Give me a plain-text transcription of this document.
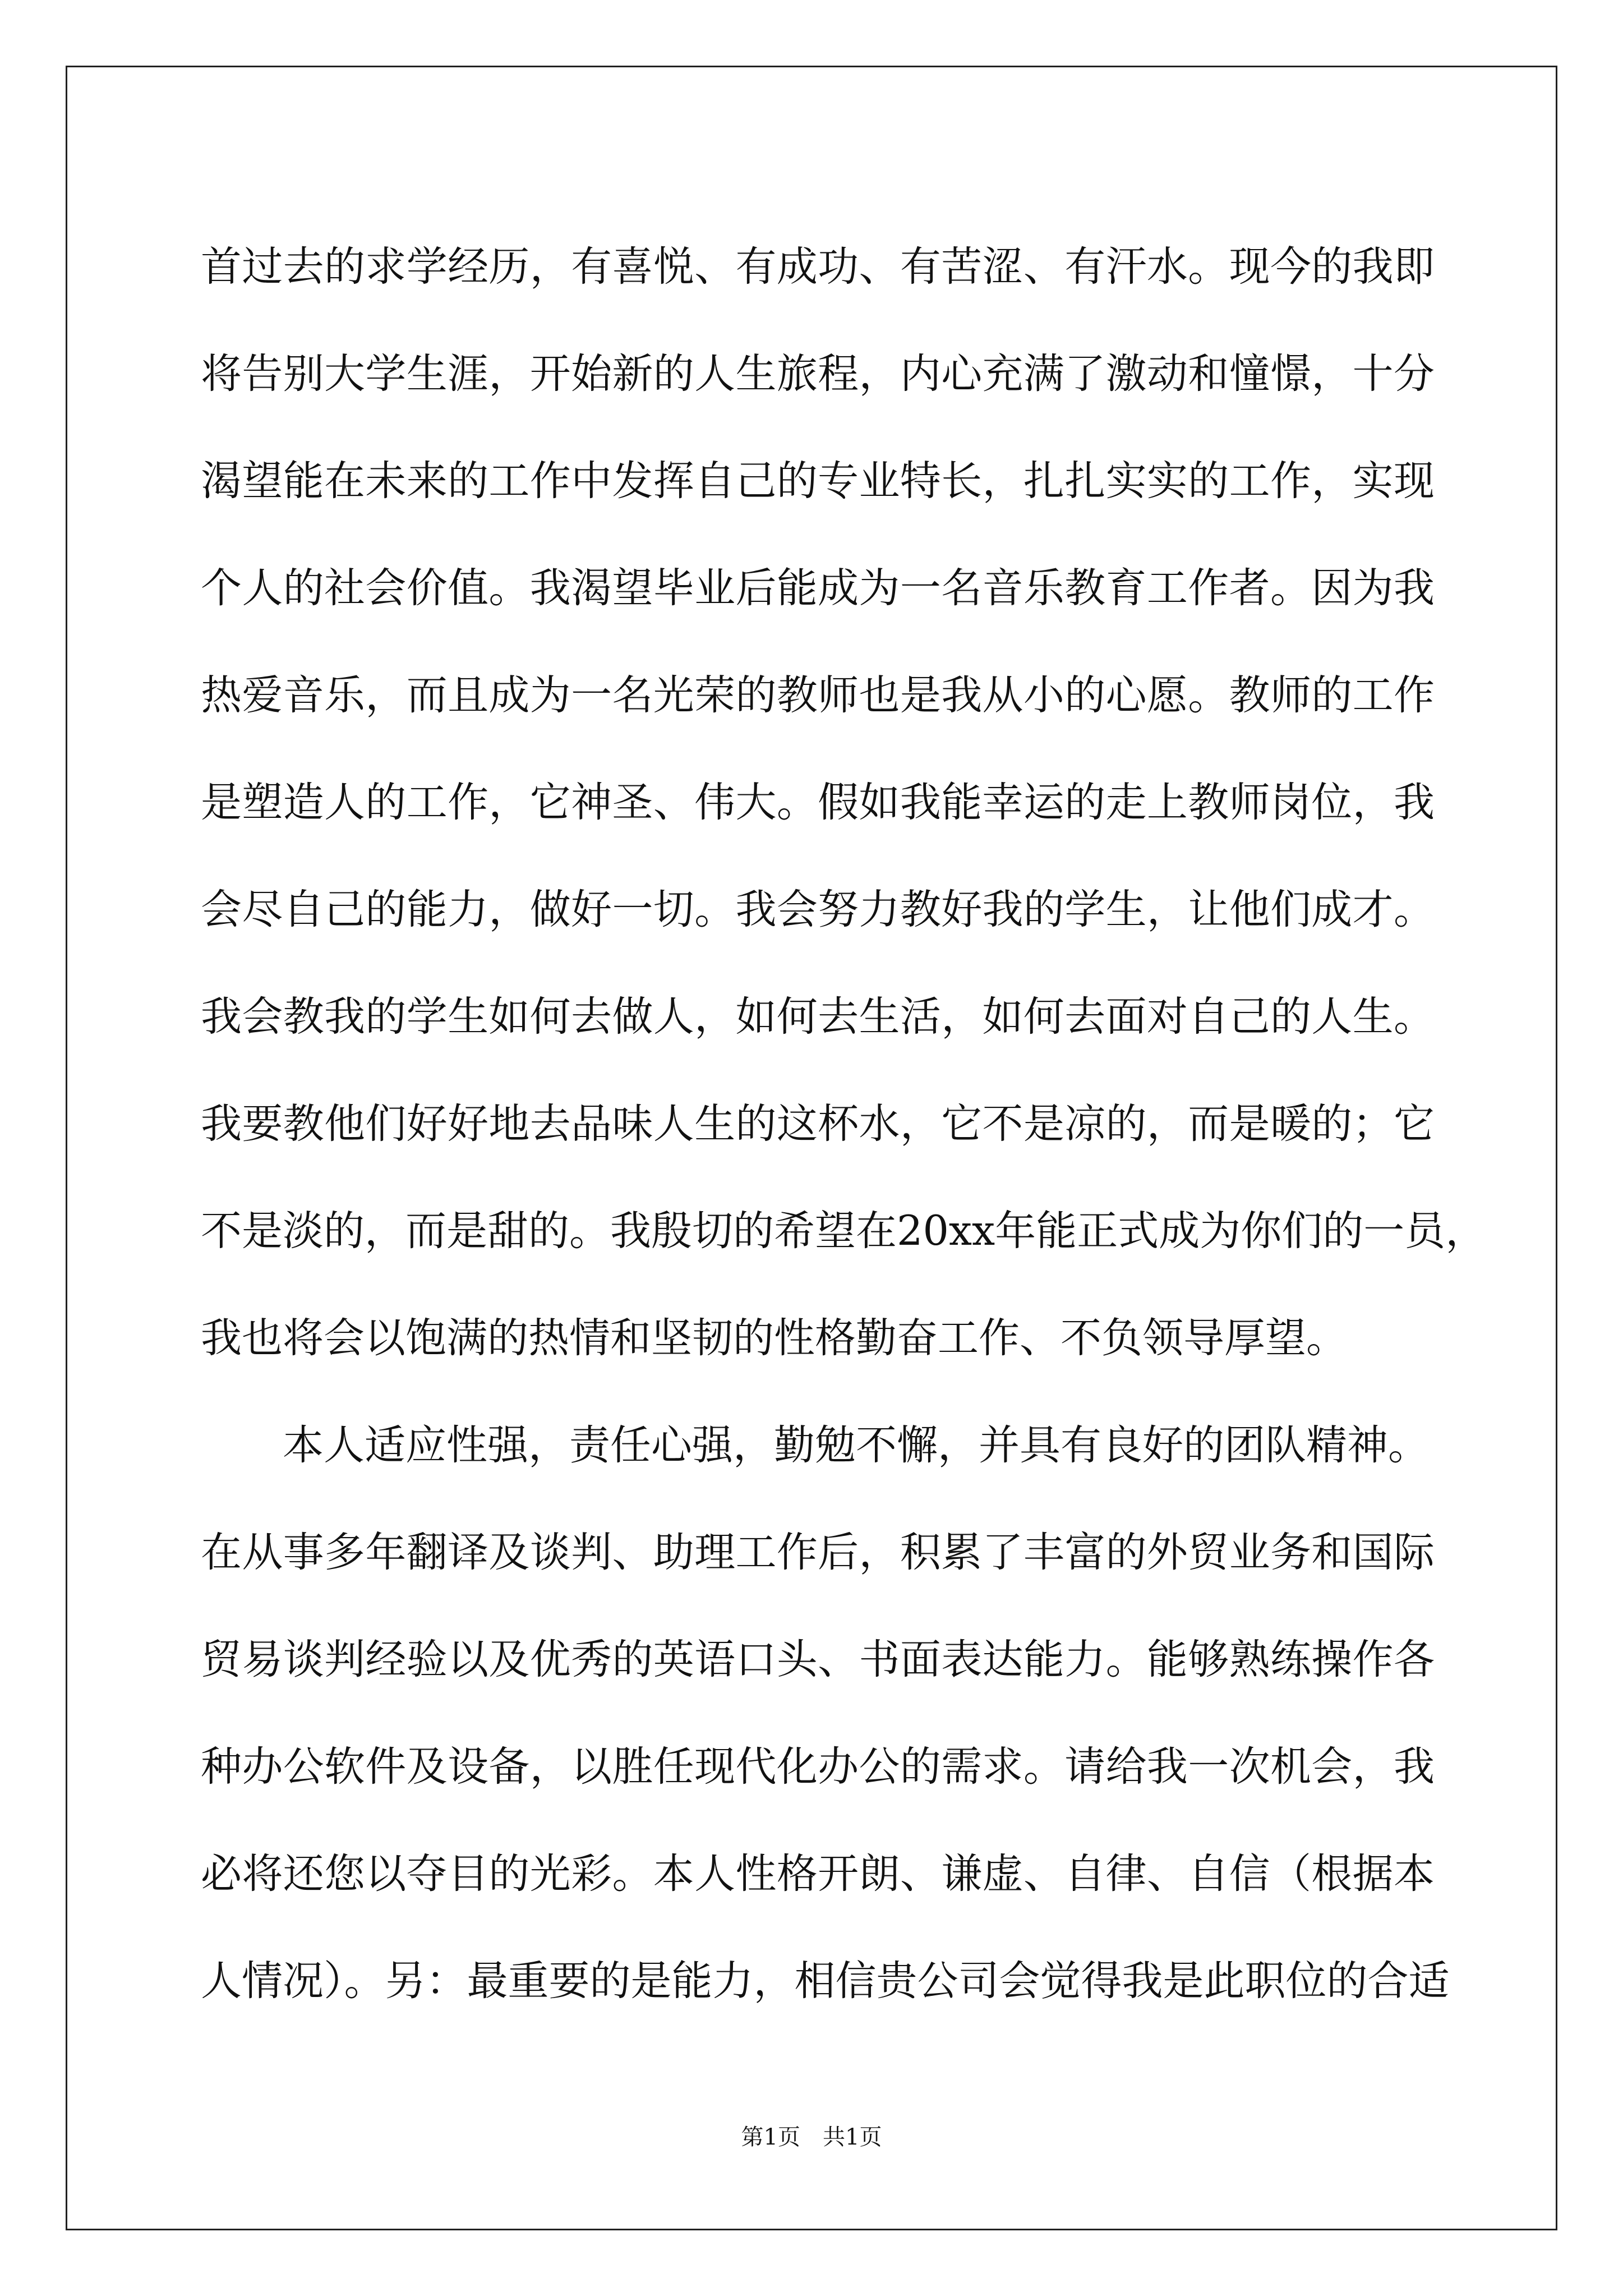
首过去的求学经历，有喜悦、有成功、有苦涩、有汗水。现今的我即
将告别大学生涯，开始新的人生旅程，内心充满了激动和憧憬，十分
渴望能在未来的工作中发挥自己的专业特长，扎扎实实的工作，实现
个人的社会价值。我渴望毕业后能成为一名音乐教育工作者。因为我
热爱音乐，而且成为一名光荣的教师也是我从小的心愿。教师的工作
是塑造人的工作，它神圣、伟大。假如我能幸运的走上教师岗位，我
会尽自己的能力，做好一切。我会努力教好我的学生，让他们成才。
我会教我的学生如何去做人，如何去生活，如何去面对自己的人生。
我要教他们好好地去品味人生的这杯水，它不是凉的，而是暖的；它
不是淡的，而是甜的。我殷切的希望在20xx年能正式成为你们的一员，
我也将会以饱满的热情和坚韧的性格勤奋工作、不负领导厚望。
本人适应性强，责任心强，勤勉不懈，并具有良好的团队精神。
在从事多年翻译及谈判、助理工作后，积累了丰富的外贸业务和国际
贸易谈判经验以及优秀的英语口头、书面表达能力。能够熟练操作各
种办公软件及设备，以胜任现代化办公的需求。请给我一次机会，我
必将还您以夺目的光彩。本人性格开朗、谦虚、自律、自信（根据本
人情况）。另：最重要的是能力，相信贵公司会觉得我是此职位的合适
第1页　共1页
